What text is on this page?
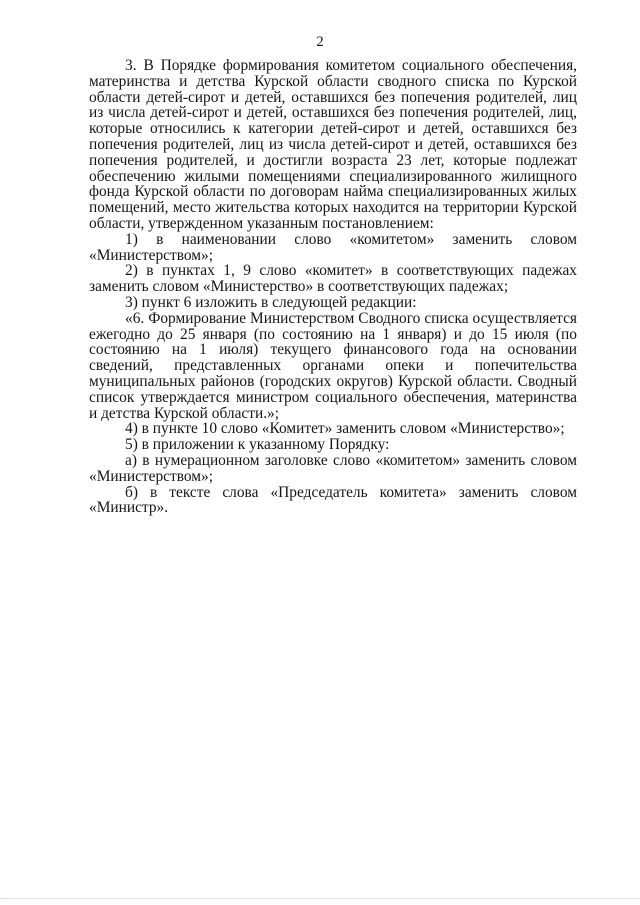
2

3. В Порядке формирования комитетом социального обеспечения, материнства и детства Курской области сводного списка по Курской области детей-сирот и детей, оставшихся без попечения родителей, лиц из числа детей-сирот и детей, оставшихся без попечения родителей, лиц, которые относились к категории детей-сирот и детей, оставшихся без попечения родителей, лиц из числа детей-сирот и детей, оставшихся без попечения родителей, и достигли возраста 23 лет, которые подлежат обеспечению жилыми помещениями специализированного жилищного фонда Курской области по договорам найма специализированных жилых помещений, место жительства которых находится на территории Курской области, утвержденном указанным постановлением:

1) в наименовании слово «комитетом» заменить словом «Министерством»;

2) в пунктах 1, 9 слово «комитет» в соответствующих падежах заменить словом «Министерство» в соответствующих падежах;

3) пункт 6 изложить в следующей редакции:

«6. Формирование Министерством Сводного списка осуществляется ежегодно до 25 января (по состоянию на 1 января) и до 15 июля (по состоянию на 1 июля) текущего финансового года на основании сведений, представленных органами опеки и попечительства муниципальных районов (городских округов) Курской области. Сводный список утверждается министром социального обеспечения, материнства и детства Курской области.»;

4) в пункте 10 слово «Комитет» заменить словом «Министерство»;

5) в приложении к указанному Порядку:

а) в нумерационном заголовке слово «комитетом» заменить словом «Министерством»;

б) в тексте слова «Председатель комитета» заменить словом «Министр».
